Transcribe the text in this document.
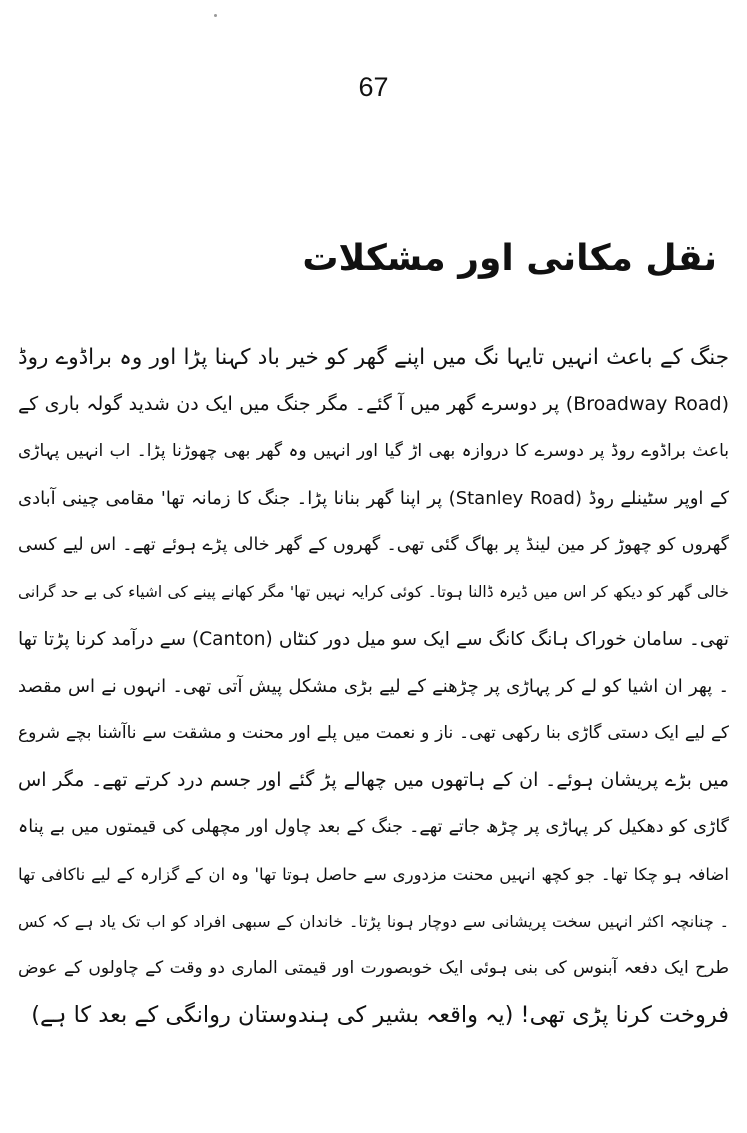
67
نقل مکانی اور مشکلات
جنگ کے باعث انہیں تایہا نگ میں اپنے گھر کو خیر باد کہنا پڑا اور وہ براڈوے روڈ
(Broadway Road) پر دوسرے گھر میں آ گئے۔ مگر جنگ میں ایک دن شدید گولہ باری کے
باعث براڈوے روڈ پر دوسرے کا دروازہ بھی اڑ گیا اور انہیں وہ گھر بھی چھوڑنا پڑا۔ اب انہیں پہاڑی
کے اوپر سٹینلے روڈ (Stanley Road) پر اپنا گھر بنانا پڑا۔ جنگ کا زمانہ تھا' مقامی چینی آبادی
گھروں کو چھوڑ کر مین لینڈ پر بھاگ گئی تھی۔ گھروں کے گھر خالی پڑے ہوئے تھے۔ اس لیے کسی
خالی گھر کو دیکھ کر اس میں ڈیرہ ڈالنا ہوتا۔ کوئی کرایہ نہیں تھا' مگر کھانے پینے کی اشیاء کی بے حد گرانی
تھی۔ سامان خوراک ہانگ کانگ سے ایک سو میل دور کنٹاں (Canton) سے درآمد کرنا پڑتا تھا
۔ پھر ان اشیا کو لے کر پہاڑی پر چڑھنے کے لیے بڑی مشکل پیش آتی تھی۔ انہوں نے اس مقصد
کے لیے ایک دستی گاڑی بنا رکھی تھی۔ ناز و نعمت میں پلے اور محنت و مشقت سے ناآشنا بچے شروع
میں بڑے پریشان ہوئے۔ ان کے ہاتھوں میں چھالے پڑ گئے اور جسم درد کرتے تھے۔ مگر اس
گاڑی کو دھکیل کر پہاڑی پر چڑھ جاتے تھے۔ جنگ کے بعد چاول اور مچھلی کی قیمتوں میں بے پناہ
اضافہ ہو چکا تھا۔ جو کچھ انہیں محنت مزدوری سے حاصل ہوتا تھا' وہ ان کے گزارہ کے لیے ناکافی تھا
۔ چنانچہ اکثر انہیں سخت پریشانی سے دوچار ہونا پڑتا۔ خاندان کے سبھی افراد کو اب تک یاد ہے کہ کس
طرح ایک دفعہ آبنوس کی بنی ہوئی ایک خوبصورت اور قیمتی الماری دو وقت کے چاولوں کے عوض
فروخت کرنا پڑی تھی! (یہ واقعہ بشیر کی ہندوستان روانگی کے بعد کا ہے)
